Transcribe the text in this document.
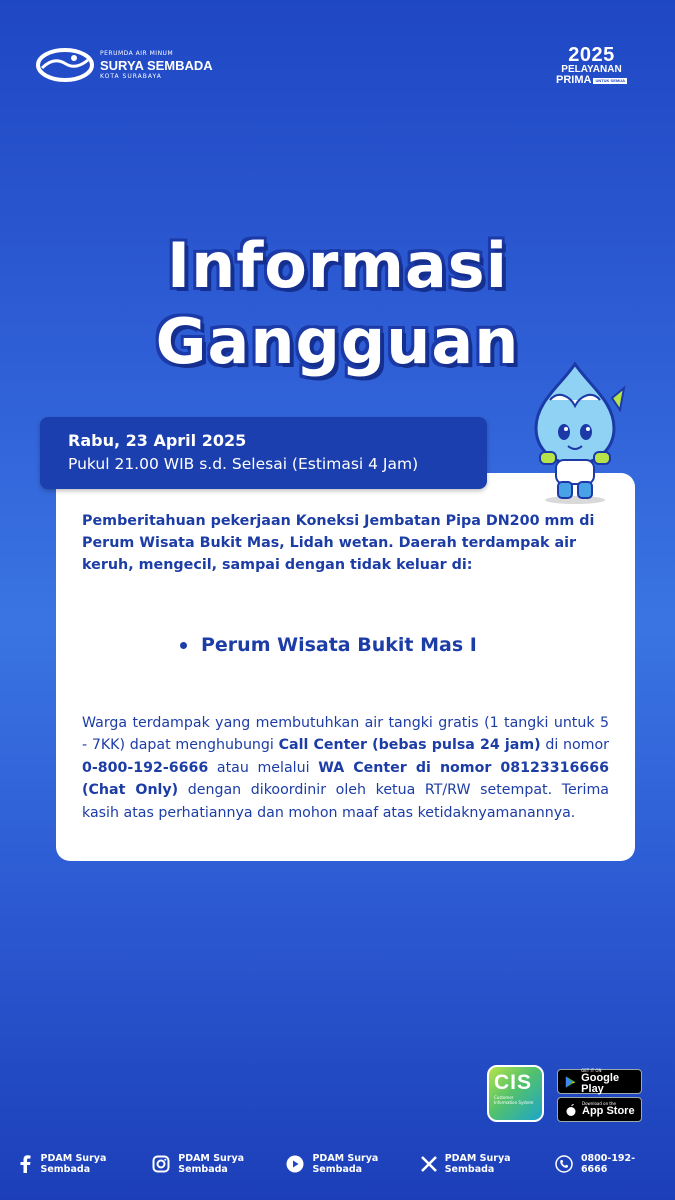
PERUMDA AIR MINUM
SURYA SEMBADA
KOTA SURABAYA
2025
PELAYANAN
PRIMA	UNTUK SEMUA
Informasi
Gangguan
Rabu, 23 April 2025
Pukul 21.00 WIB s.d. Selesai (Estimasi 4 Jam)
Pemberitahuan pekerjaan Koneksi Jembatan Pipa DN200 mm di Perum Wisata Bukit Mas, Lidah wetan. Daerah terdampak air keruh, mengecil, sampai dengan tidak keluar di:
Perum Wisata Bukit Mas I
Warga terdampak yang membutuhkan air tangki gratis (1 tangki untuk 5 - 7KK) dapat menghubungi Call Center (bebas pulsa 24 jam) di nomor 0-800-192-6666 atau melalui WA Center di nomor 08123316666 (Chat Only) dengan dikoordinir oleh ketua RT/RW setempat. Terima kasih atas perhatiannya dan mohon maaf atas ketidaknyamanannya.
CIS
Customer Information System
GET IT ON
Google Play
Download on the
App Store
PDAM Surya Sembada
PDAM Surya Sembada
PDAM Surya Sembada
PDAM Surya Sembada
0800-192-6666
